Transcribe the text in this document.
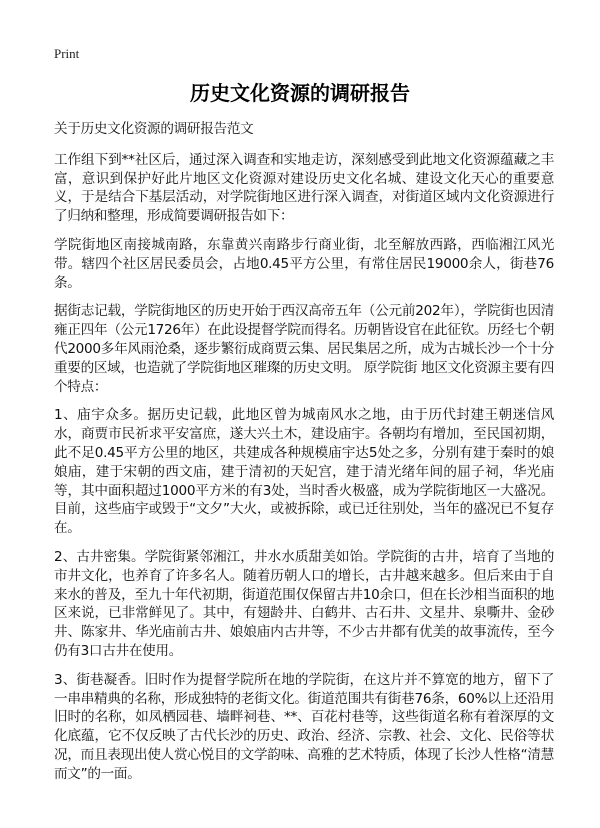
Print
历史文化资源的调研报告

关于历史文化资源的调研报告范文

工作组下到**社区后，通过深入调查和实地走访，深刻感受到此地文化资源蕴藏之丰富，意识到保护好此片地区文化资源对建设历史文化名城、建设文化天心的重要意义，于是结合下基层活动，对学院街地区进行深入调查，对街道区域内文化资源进行了归纳和整理，形成简要调研报告如下：

学院街地区南接城南路，东靠黄兴南路步行商业街，北至解放西路，西临湘江风光带。辖四个社区居民委员会，占地0.45平方公里，有常住居民19000余人，街巷76条。

据街志记载，学院街地区的历史开始于西汉高帝五年（公元前202年），学院街也因清雍正四年（公元1726年）在此设提督学院而得名。历朝皆设官在此征钦。历经七个朝代2000多年风雨沧桑，逐步繁衍成商贾云集、居民集居之所，成为古城长沙一个十分重要的区域，也造就了学院街地区璀璨的历史文明。 原学院街 地区文化资源主要有四个特点：

1、庙宇众多。据历史记载，此地区曾为城南风水之地，由于历代封建王朝迷信风水，商贾市民祈求平安富庶，遂大兴土木，建设庙宇。各朝均有增加，至民国初期，此不足0.45平方公里的地区，共建成各种规模庙宇达5处之多，分别有建于秦时的娘娘庙，建于宋朝的西文庙，建于清初的天妃宫，建于清光绪年间的屈子祠，华光庙等，其中面积超过1000平方米的有3处，当时香火极盛，成为学院街地区一大盛况。目前，这些庙宇或毁于“文夕”大火，或被拆除，或已迁往别处，当年的盛况已不复存在。

2、古井密集。学院街紧邻湘江，井水水质甜美如饴。学院街的古井，培育了当地的市井文化，也养育了许多名人。随着历朝人口的增长，古井越来越多。但后来由于自来水的普及，至九十年代初期，街道范围仅保留古井10余口，但在长沙相当面积的地区来说，已非常鲜见了。其中，有翅龄井、白鹤井、古石井、文星井、泉嘶井、金砂井、陈家井、华光庙前古井、娘娘庙内古井等，不少古井都有优美的故事流传，至今仍有3口古井在使用。

3、街巷凝香。旧时作为提督学院所在地的学院街，在这片并不算宽的地方，留下了一串串精典的名称，形成独特的老街文化。街道范围共有街巷76条，60%以上还沿用旧时的名称，如凤栖园巷、墙畔祠巷、**、百花村巷等，这些街道名称有着深厚的文化底蕴，它不仅反映了古代长沙的历史、政治、经济、宗教、社会、文化、民俗等状况，而且表现出使人赏心悦目的文学韵味、高雅的艺术特质，体现了长沙人性格“清慧而文”的一面。
